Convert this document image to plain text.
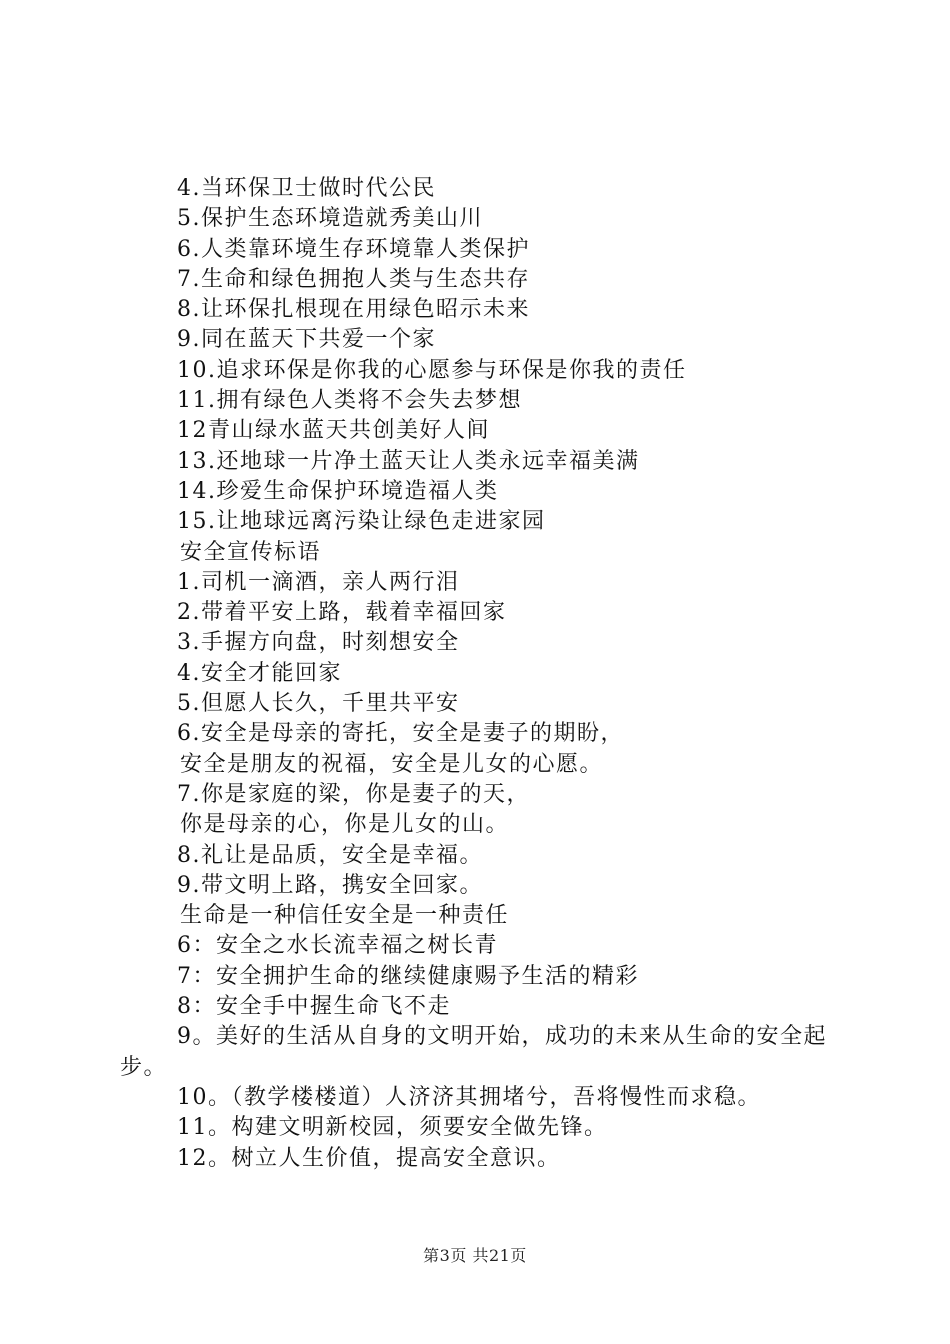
4.当环保卫士做时代公民
5.保护生态环境造就秀美山川
6.人类靠环境生存环境靠人类保护
7.生命和绿色拥抱人类与生态共存
8.让环保扎根现在用绿色昭示未来
9.同在蓝天下共爱一个家
10.追求环保是你我的心愿参与环保是你我的责任
11.拥有绿色人类将不会失去梦想
12青山绿水蓝天共创美好人间
13.还地球一片净土蓝天让人类永远幸福美满
14.珍爱生命保护环境造福人类
15.让地球远离污染让绿色走进家园
安全宣传标语
1.司机一滴酒，亲人两行泪
2.带着平安上路，载着幸福回家
3.手握方向盘，时刻想安全
4.安全才能回家
5.但愿人长久，千里共平安
6.安全是母亲的寄托，安全是妻子的期盼，
安全是朋友的祝福，安全是儿女的心愿。
7.你是家庭的梁，你是妻子的天，
你是母亲的心，你是儿女的山。
8.礼让是品质，安全是幸福。
9.带文明上路，携安全回家。
生命是一种信任安全是一种责任
6：安全之水长流幸福之树长青
7：安全拥护生命的继续健康赐予生活的精彩
8：安全手中握生命飞不走
9。美好的生活从自身的文明开始，成功的未来从生命的安全起步。
10。（教学楼楼道）人济济其拥堵兮，吾将慢性而求稳。
11。构建文明新校园，须要安全做先锋。
12。树立人生价值，提高安全意识。
第3页 共21页
